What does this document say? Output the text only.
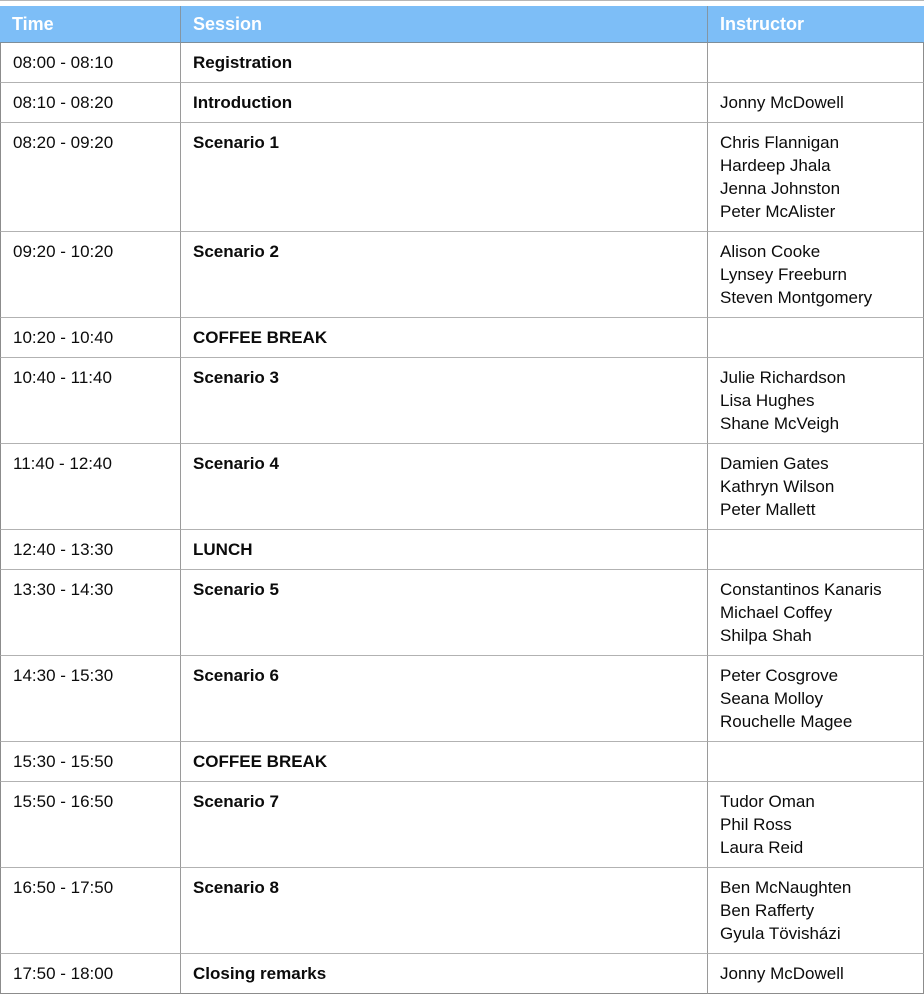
Time	Session	Instructor
08:00 - 08:10	Registration	
08:10 - 08:20	Introduction	Jonny McDowell

08:20 - 09:20	Scenario 1	Chris Flannigan
Hardeep Jhala
Jenna Johnston
Peter McAlister

09:20 - 10:20	Scenario 2	Alison Cooke
Lynsey Freeburn
Steven Montgomery

10:20 - 10:40	COFFEE BREAK	
10:40 - 11:40	Scenario 3	Julie Richardson
Lisa Hughes
Shane McVeigh

11:40 - 12:40	Scenario 4	Damien Gates
Kathryn Wilson
Peter Mallett

12:40 - 13:30	LUNCH	
13:30 - 14:30	Scenario 5	Constantinos Kanaris
Michael Coffey
Shilpa Shah

14:30 - 15:30	Scenario 6	Peter Cosgrove
Seana Molloy
Rouchelle Magee

15:30 - 15:50	COFFEE BREAK	
15:50 - 16:50	Scenario 7	Tudor Oman
Phil Ross
Laura Reid

16:50 - 17:50	Scenario 8	Ben McNaughten
Ben Rafferty
Gyula Tövisházi

17:50 - 18:00	Closing remarks	Jonny McDowell
